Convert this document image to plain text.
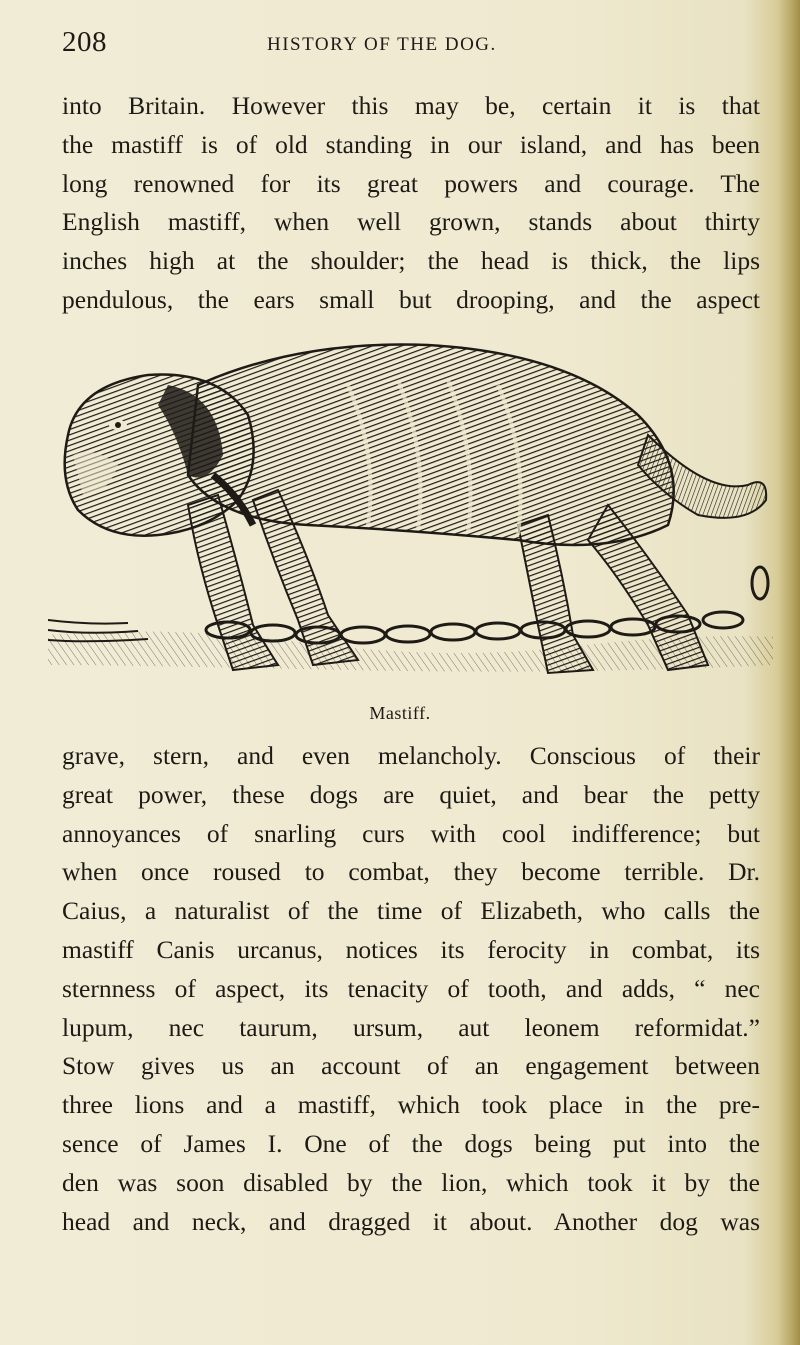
208	HISTORY OF THE DOG.
into Britain. However this may be, certain it is that
the mastiff is of old standing in our island, and has been
long renowned for its great powers and courage. The
English mastiff, when well grown, stands about thirty
inches high at the shoulder; the head is thick, the lips
pendulous, the ears small but drooping, and the aspect
Mastiff.
grave, stern, and even melancholy. Conscious of their
great power, these dogs are quiet, and bear the petty
annoyances of snarling curs with cool indifference; but
when once roused to combat, they become terrible. Dr.
Caius, a naturalist of the time of Elizabeth, who calls the
mastiff Canis urcanus, notices its ferocity in combat, its
sternness of aspect, its tenacity of tooth, and adds, “ nec
lupum, nec taurum, ursum, aut leonem reformidat.”
Stow gives us an account of an engagement between
three lions and a mastiff, which took place in the pre-
sence of James I. One of the dogs being put into the
den was soon disabled by the lion, which took it by the
head and neck, and dragged it about. Another dog was
